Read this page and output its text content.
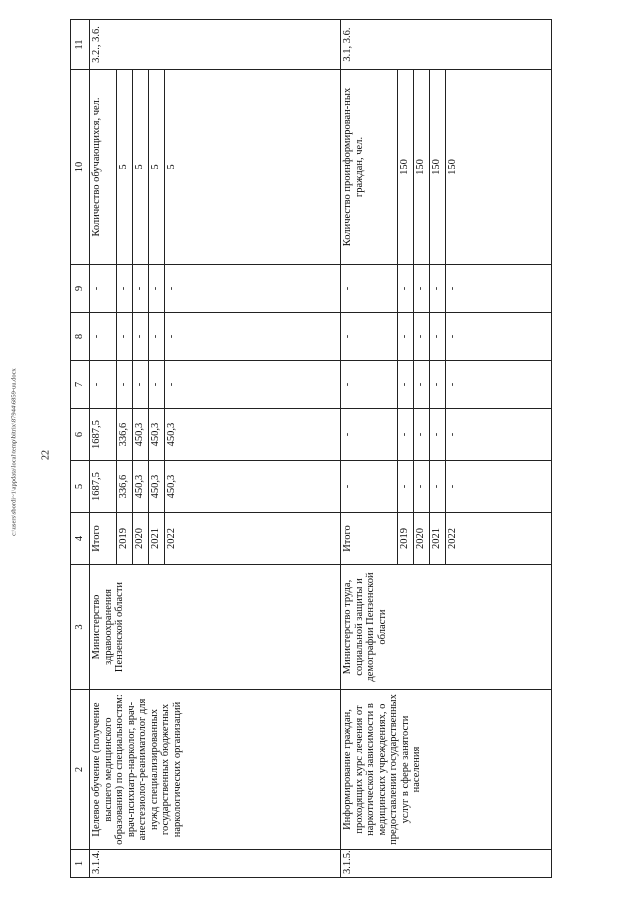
22
1	2	3	4	5	6	7	8	9	10	11
3.1.4.	Целевое обучение (получение высшего медицинского образования) по специальностям: врач-психиатр-нарколог, врач-анестезиолог-реаниматолог для нужд специализированных государственных бюджетных наркологических организаций	Министерство здравоохранения Пензенской области	Итого	1687,5	1687,5	-	-	-	Количество обучающихся, чел.	3.2., 3.6.
			2019	336,6	336,6	-	-	-	5	
			2020	450,3	450,3	-	-	-	5	
			2021	450,3	450,3	-	-	-	5	
			2022	450,3	450,3	-	-	-	5	

3.1.5.	Информирование граждан, проходящих курс лечения от наркотической зависимости в медицинских учреждениях, о предоставлении государственных услуг в сфере занятости населения	Министерство труда, социальной защиты и демографии Пензенской области	Итого	-	-	-	-	-	Количество проинформирован-ных граждан, чел.	3.1, 3.6.
			2019	-	-	-	-	-	150	
			2020	-	-	-	-	-	150	
			2021	-	-	-	-	-	150	
			2022	-	-	-	-	-	150	

c:\users\sbordi~1\appdata\local\temp\bitrix\87944\6859-uu.docx
